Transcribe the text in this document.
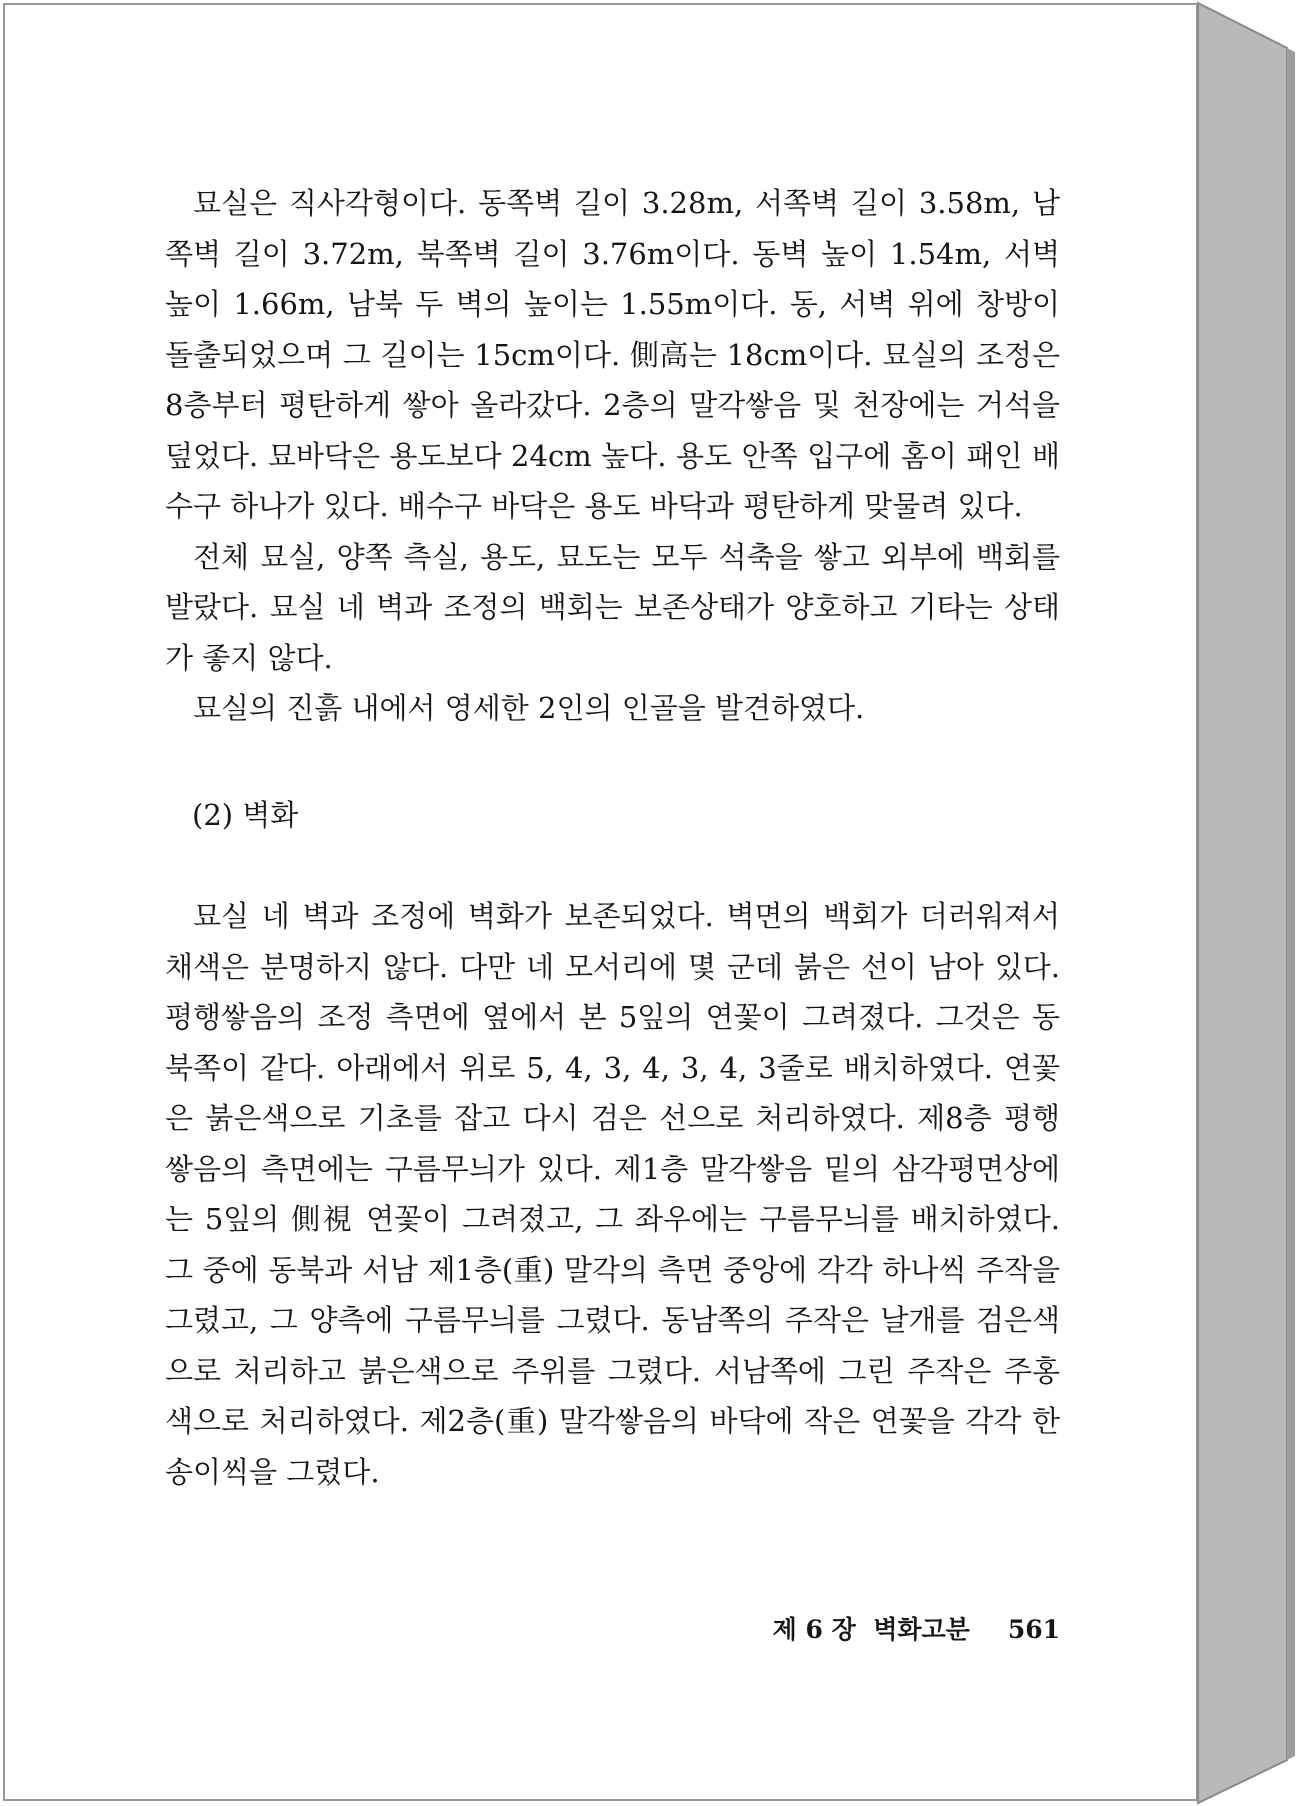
묘실은 직사각형이다. 동쪽벽 길이 3.28m, 서쪽벽 길이 3.58m, 남쪽벽 길이 3.72m, 북쪽벽 길이 3.76m이다. 동벽 높이 1.54m, 서벽 높이 1.66m, 남북 두 벽의 높이는 1.55m이다. 동, 서벽 위에 창방이 돌출되었으며 그 길이는 15cm이다. 側高는 18cm이다. 묘실의 조정은 8층부터 평탄하게 쌓아 올라갔다. 2층의 말각쌓음 및 천장에는 거석을 덮었다. 묘바닥은 용도보다 24cm 높다. 용도 안쪽 입구에 홈이 패인 배수구 하나가 있다. 배수구 바닥은 용도 바닥과 평탄하게 맞물려 있다.

전체 묘실, 양쪽 측실, 용도, 묘도는 모두 석축을 쌓고 외부에 백회를 발랐다. 묘실 네 벽과 조정의 백회는 보존상태가 양호하고 기타는 상태가 좋지 않다.

묘실의 진흙 내에서 영세한 2인의 인골을 발견하였다.

(2) 벽화

묘실 네 벽과 조정에 벽화가 보존되었다. 벽면의 백회가 더러워져서 채색은 분명하지 않다. 다만 네 모서리에 몇 군데 붉은 선이 남아 있다. 평행쌓음의 조정 측면에 옆에서 본 5잎의 연꽃이 그려졌다. 그것은 동북쪽이 같다. 아래에서 위로 5, 4, 3, 4, 3, 4, 3줄로 배치하였다. 연꽃은 붉은색으로 기초를 잡고 다시 검은 선으로 처리하였다. 제8층 평행쌓음의 측면에는 구름무늬가 있다. 제1층 말각쌓음 밑의 삼각평면상에는 5잎의 側視 연꽃이 그려졌고, 그 좌우에는 구름무늬를 배치하였다. 그 중에 동북과 서남 제1층(重) 말각의 측면 중앙에 각각 하나씩 주작을 그렸고, 그 양측에 구름무늬를 그렸다. 동남쪽의 주작은 날개를 검은색으로 처리하고 붉은색으로 주위를 그렸다. 서남쪽에 그린 주작은 주홍색으로 처리하였다. 제2층(重) 말각쌓음의 바닥에 작은 연꽃을 각각 한 송이씩을 그렸다.

제 6 장 벽화고분 561
